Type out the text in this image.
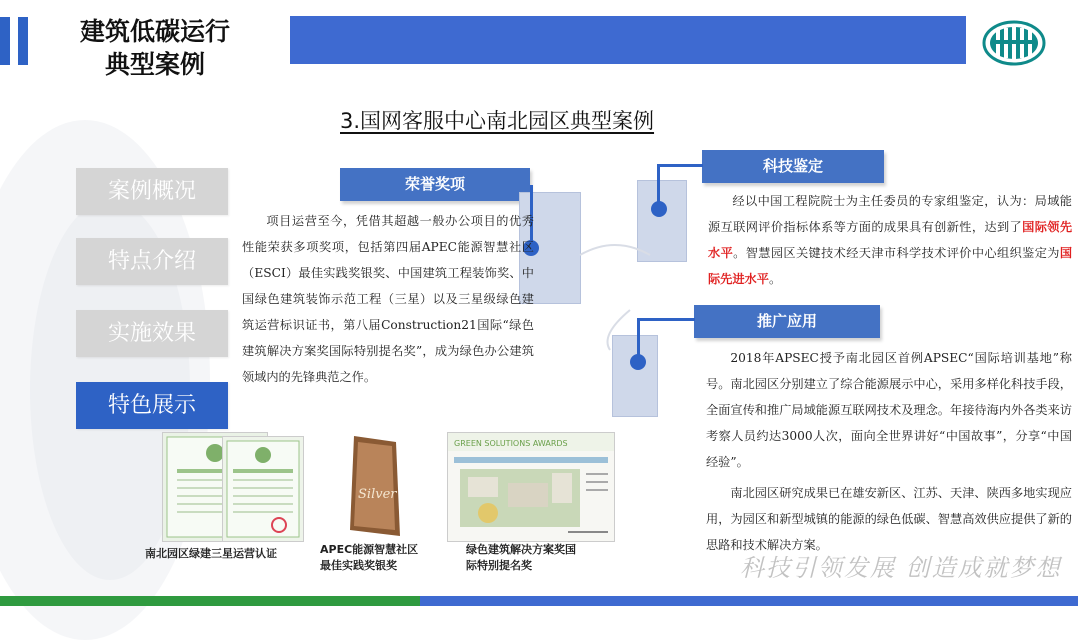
建筑低碳运行
典型案例
3.国网客服中心南北园区典型案例
案例概况
特点介绍
实施效果
特色展示
荣誉奖项
项目运营至今，凭借其超越一般办公项目的优秀性能荣获多项奖项，包括第四届APEC能源智慧社区（ESCI）最佳实践奖银奖、中国建筑工程装饰奖、中国绿色建筑装饰示范工程（三星）以及三星级绿色建筑运营标识证书，第八届Construction21国际“绿色建筑解决方案奖国际特别提名奖”，成为绿色办公建筑领域内的先锋典范之作。
科技鉴定
经以中国工程院院士为主任委员的专家组鉴定，认为：局域能源互联网评价指标体系等方面的成果具有创新性，达到了国际领先水平。智慧园区关键技术经天津市科学技术评价中心组织鉴定为国际先进水平。
推广应用
2018年APSEC授予南北园区首例APSEC“国际培训基地”称号。南北园区分别建立了综合能源展示中心，采用多样化科技手段，全面宣传和推广局域能源互联网技术及理念。年接待海内外各类来访考察人员约达3000人次，面向全世界讲好“中国故事”，分享“中国经验”。
南北园区研究成果已在雄安新区、江苏、天津、陕西多地实现应用，为园区和新型城镇的能源的绿色低碳、智慧高效供应提供了新的思路和技术解决方案。
南北园区绿建三星运营认证
Silver
APEC能源智慧社区
最佳实践奖银奖
GREEN SOLUTIONS AWARDS
绿色建筑解决方案奖国
际特别提名奖	科技引领发展 创造成就梦想
